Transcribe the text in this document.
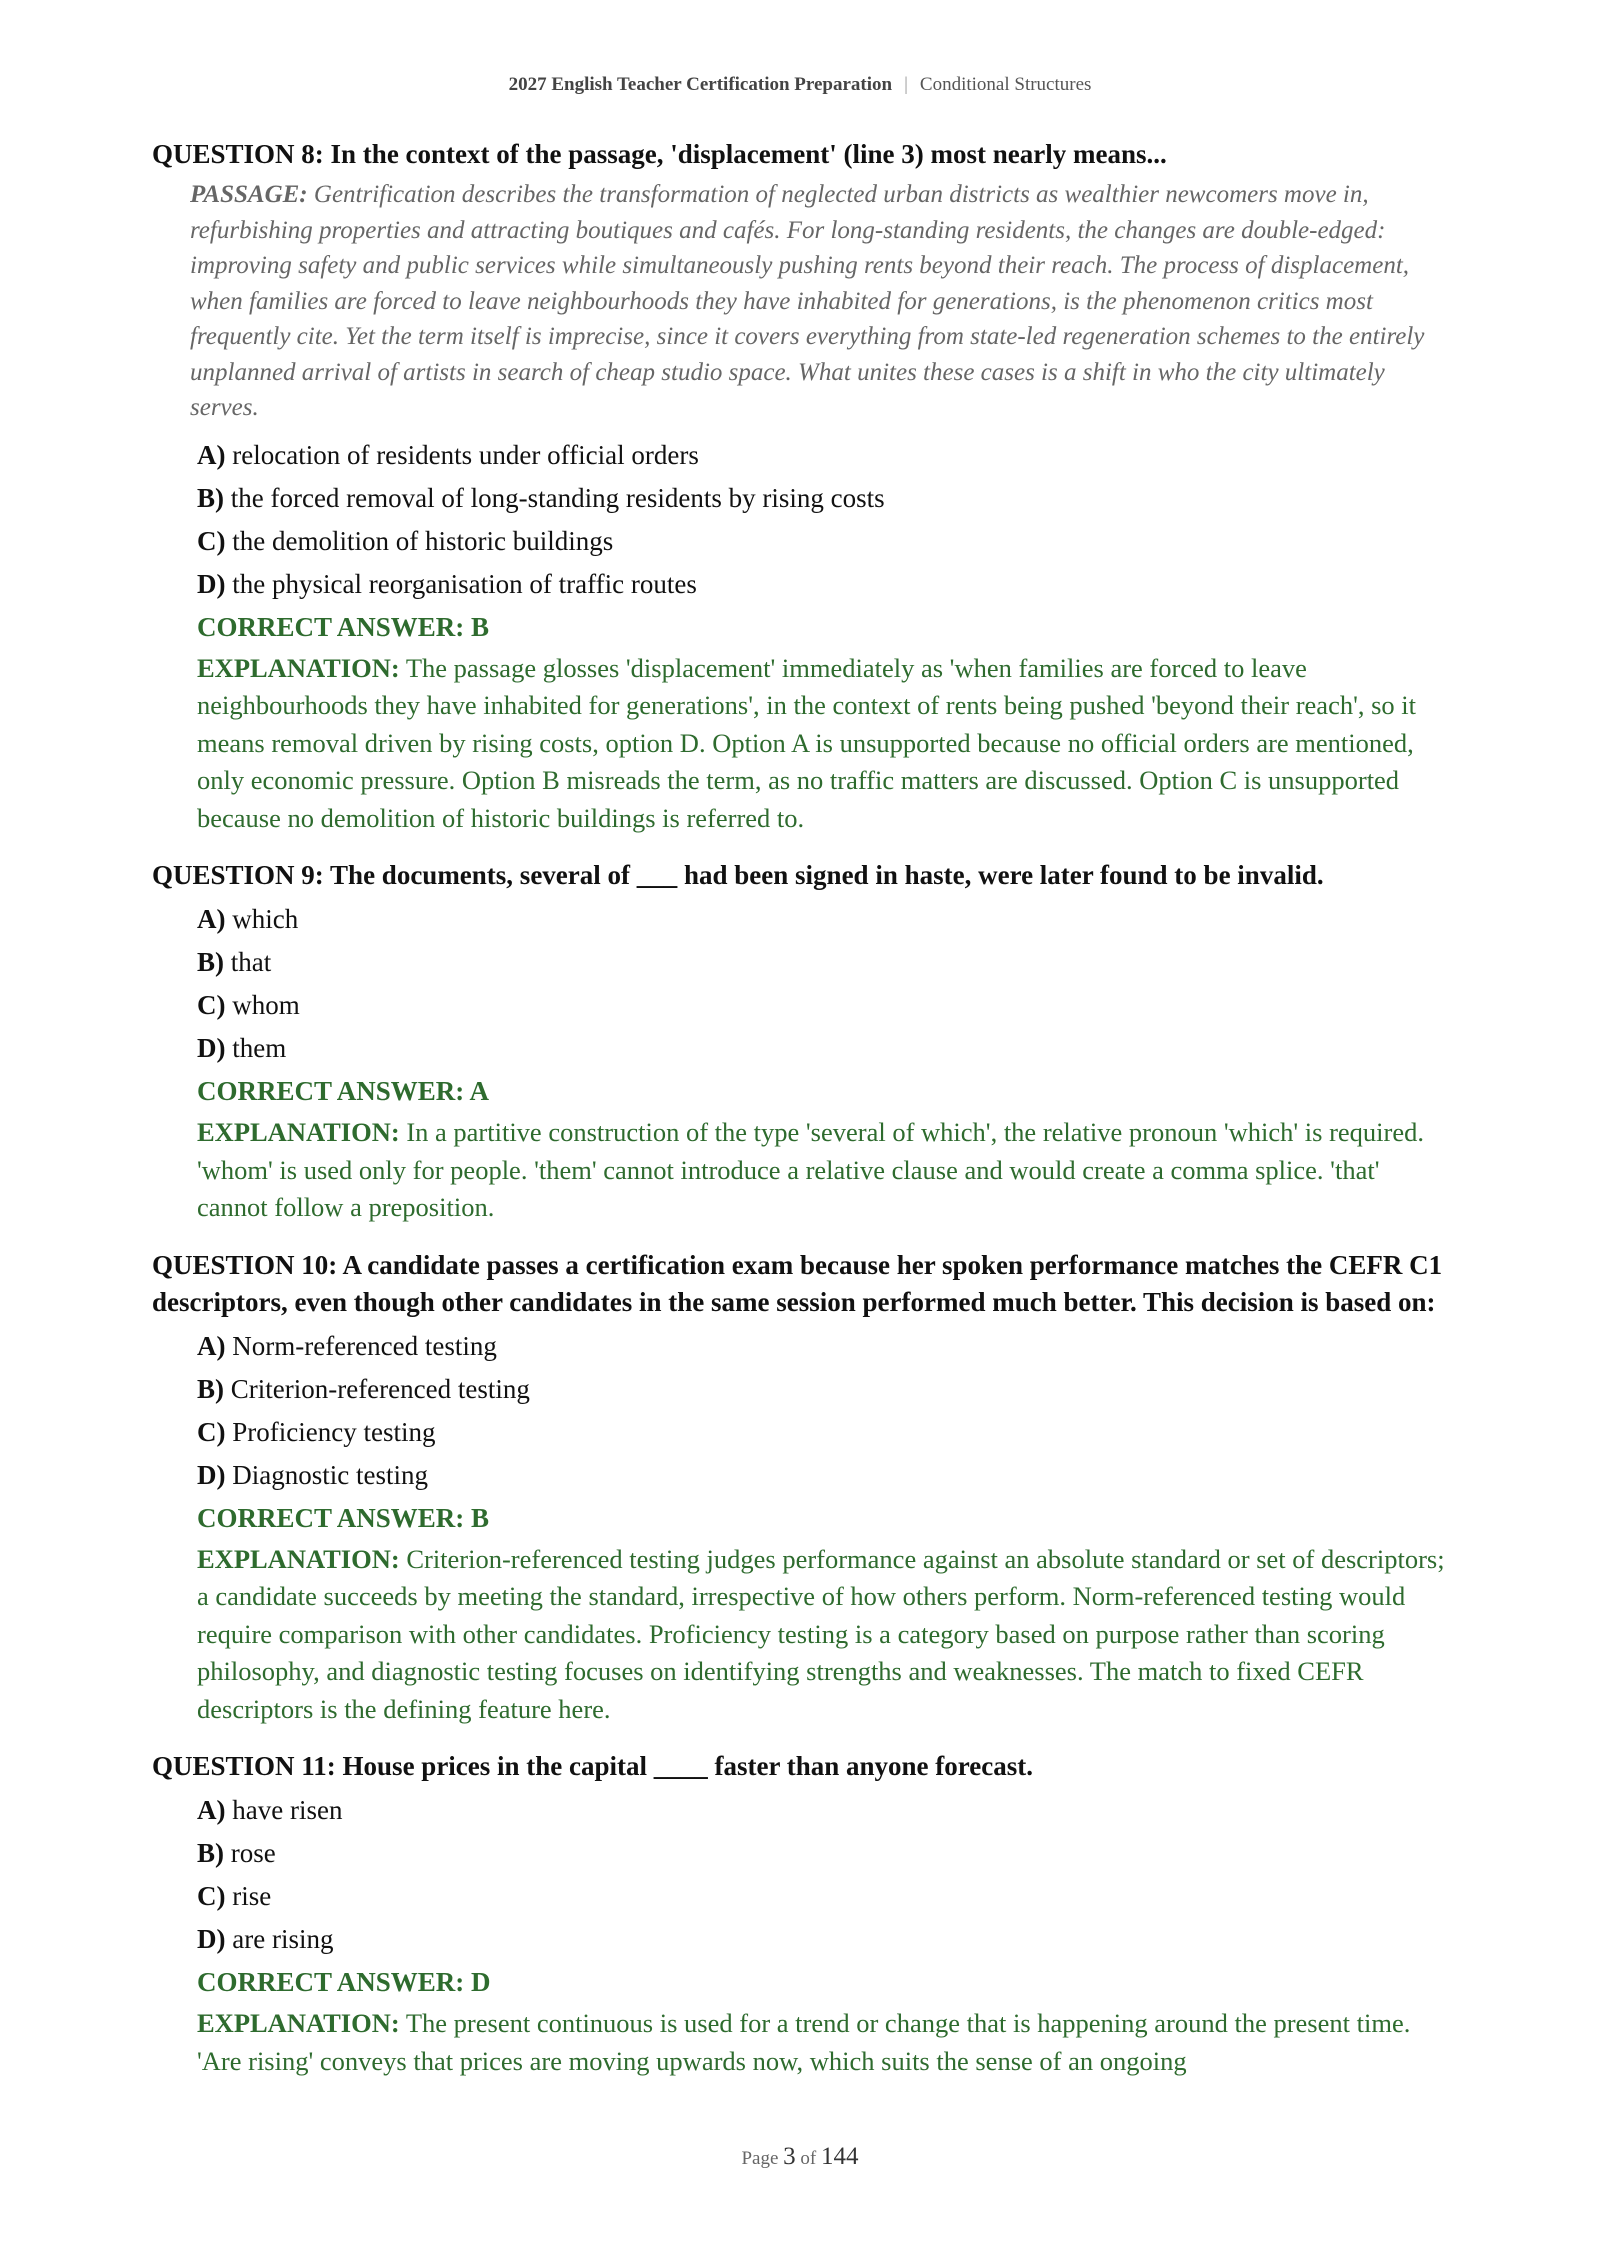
2027 English Teacher Certification Preparation | Conditional Structures
QUESTION 8: In the context of the passage, 'displacement' (line 3) most nearly means...
PASSAGE: Gentrification describes the transformation of neglected urban districts as wealthier newcomers move in, refurbishing properties and attracting boutiques and cafés. For long-standing residents, the changes are double-edged: improving safety and public services while simultaneously pushing rents beyond their reach. The process of displacement, when families are forced to leave neighbourhoods they have inhabited for generations, is the phenomenon critics most frequently cite. Yet the term itself is imprecise, since it covers everything from state-led regeneration schemes to the entirely unplanned arrival of artists in search of cheap studio space. What unites these cases is a shift in who the city ultimately serves.
A) relocation of residents under official orders
B) the forced removal of long-standing residents by rising costs
C) the demolition of historic buildings
D) the physical reorganisation of traffic routes
CORRECT ANSWER: B
EXPLANATION: The passage glosses 'displacement' immediately as 'when families are forced to leave neighbourhoods they have inhabited for generations', in the context of rents being pushed 'beyond their reach', so it means removal driven by rising costs, option D. Option A is unsupported because no official orders are mentioned, only economic pressure. Option B misreads the term, as no traffic matters are discussed. Option C is unsupported because no demolition of historic buildings is referred to.
QUESTION 9: The documents, several of ___ had been signed in haste, were later found to be invalid.
A) which
B) that
C) whom
D) them
CORRECT ANSWER: A
EXPLANATION: In a partitive construction of the type 'several of which', the relative pronoun 'which' is required. 'whom' is used only for people. 'them' cannot introduce a relative clause and would create a comma splice. 'that' cannot follow a preposition.
QUESTION 10: A candidate passes a certification exam because her spoken performance matches the CEFR C1 descriptors, even though other candidates in the same session performed much better. This decision is based on:
A) Norm-referenced testing
B) Criterion-referenced testing
C) Proficiency testing
D) Diagnostic testing
CORRECT ANSWER: B
EXPLANATION: Criterion-referenced testing judges performance against an absolute standard or set of descriptors; a candidate succeeds by meeting the standard, irrespective of how others perform. Norm-referenced testing would require comparison with other candidates. Proficiency testing is a category based on purpose rather than scoring philosophy, and diagnostic testing focuses on identifying strengths and weaknesses. The match to fixed CEFR descriptors is the defining feature here.
QUESTION 11: House prices in the capital ____ faster than anyone forecast.
A) have risen
B) rose
C) rise
D) are rising
CORRECT ANSWER: D
EXPLANATION: The present continuous is used for a trend or change that is happening around the present time. 'Are rising' conveys that prices are moving upwards now, which suits the sense of an ongoing
Page 3 of 144
